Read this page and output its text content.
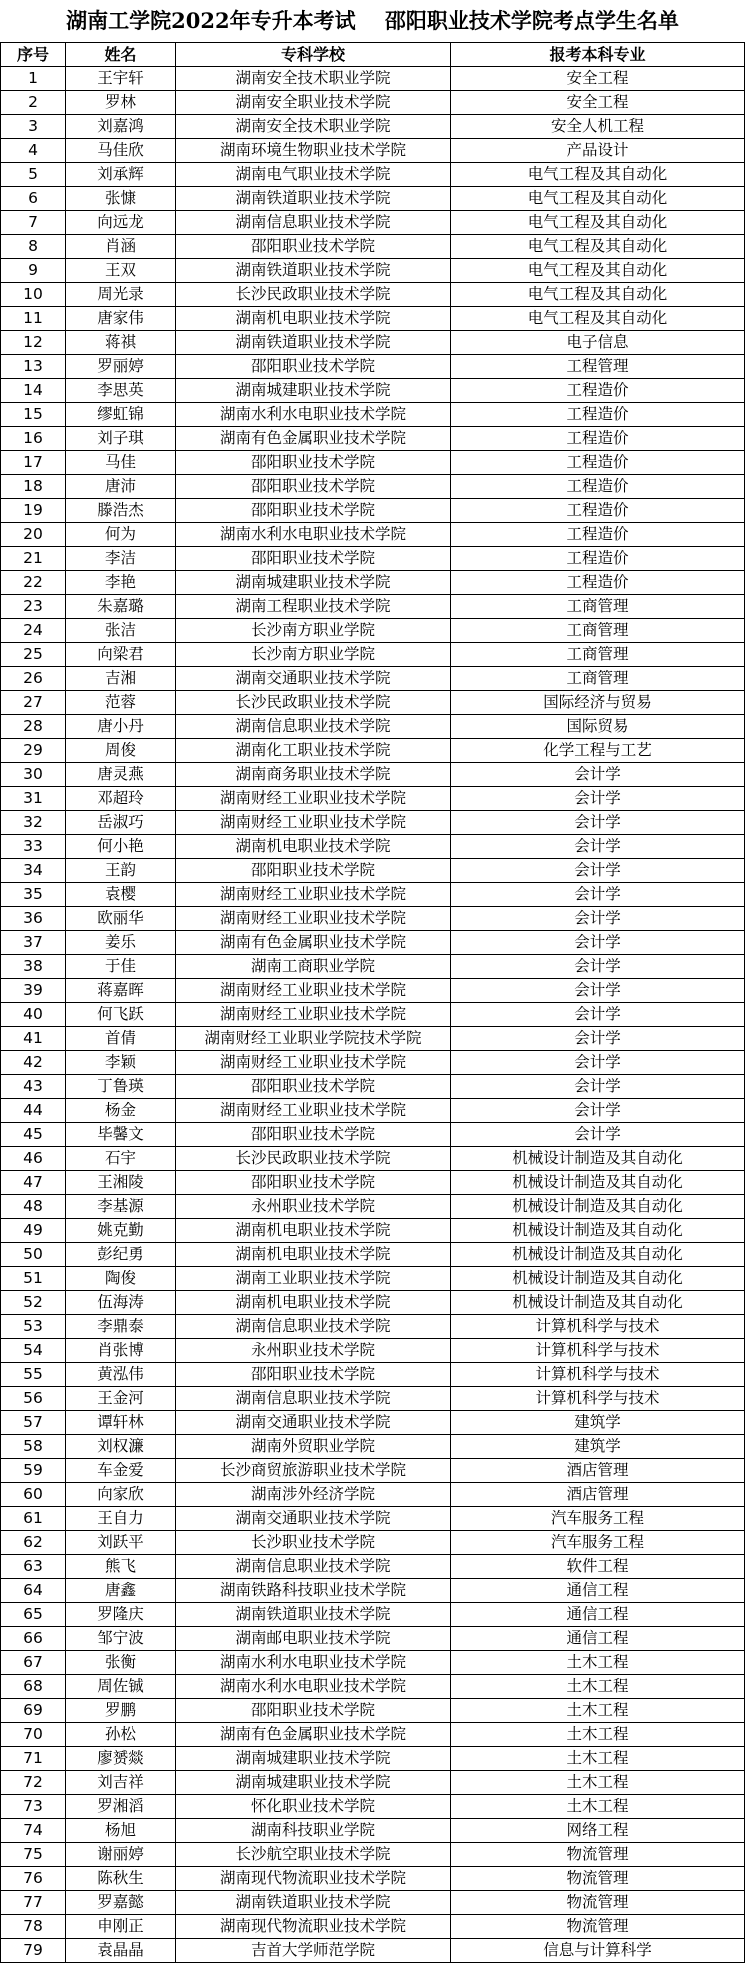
湖南工学院2022年专升本考试    邵阳职业技术学院考点学生名单
序号	姓名	专科学校	报考本科专业
1	王宇轩	湖南安全技术职业学院	安全工程
2	罗林	湖南安全职业技术学院	安全工程
3	刘嘉鸿	湖南安全技术职业学院	安全人机工程
4	马佳欣	湖南环境生物职业技术学院	产品设计
5	刘承辉	湖南电气职业技术学院	电气工程及其自动化
6	张慷	湖南铁道职业技术学院	电气工程及其自动化
7	向远龙	湖南信息职业技术学院	电气工程及其自动化
8	肖涵	邵阳职业技术学院	电气工程及其自动化
9	王双	湖南铁道职业技术学院	电气工程及其自动化
10	周光录	长沙民政职业技术学院	电气工程及其自动化
11	唐家伟	湖南机电职业技术学院	电气工程及其自动化
12	蒋祺	湖南铁道职业技术学院	电子信息
13	罗丽婷	邵阳职业技术学院	工程管理
14	李思英	湖南城建职业技术学院	工程造价
15	缪虹锦	湖南水利水电职业技术学院	工程造价
16	刘子琪	湖南有色金属职业技术学院	工程造价
17	马佳	邵阳职业技术学院	工程造价
18	唐沛	邵阳职业技术学院	工程造价
19	滕浩杰	邵阳职业技术学院	工程造价
20	何为	湖南水利水电职业技术学院	工程造价
21	李洁	邵阳职业技术学院	工程造价
22	李艳	湖南城建职业技术学院	工程造价
23	朱嘉璐	湖南工程职业技术学院	工商管理
24	张洁	长沙南方职业学院	工商管理
25	向梁君	长沙南方职业学院	工商管理
26	吉湘	湖南交通职业技术学院	工商管理
27	范蓉	长沙民政职业技术学院	国际经济与贸易
28	唐小丹	湖南信息职业技术学院	国际贸易
29	周俊	湖南化工职业技术学院	化学工程与工艺
30	唐灵燕	湖南商务职业技术学院	会计学
31	邓超玲	湖南财经工业职业技术学院	会计学
32	岳淑巧	湖南财经工业职业技术学院	会计学
33	何小艳	湖南机电职业技术学院	会计学
34	王韵	邵阳职业技术学院	会计学
35	袁樱	湖南财经工业职业技术学院	会计学
36	欧丽华	湖南财经工业职业技术学院	会计学
37	姜乐	湖南有色金属职业技术学院	会计学
38	于佳	湖南工商职业学院	会计学
39	蒋嘉晖	湖南财经工业职业技术学院	会计学
40	何飞跃	湖南财经工业职业技术学院	会计学
41	首倩	湖南财经工业职业学院技术学院	会计学
42	李颖	湖南财经工业职业技术学院	会计学
43	丁鲁瑛	邵阳职业技术学院	会计学
44	杨金	湖南财经工业职业技术学院	会计学
45	毕馨文	邵阳职业技术学院	会计学
46	石宇	长沙民政职业技术学院	机械设计制造及其自动化
47	王湘陵	邵阳职业技术学院	机械设计制造及其自动化
48	李基源	永州职业技术学院	机械设计制造及其自动化
49	姚克勤	湖南机电职业技术学院	机械设计制造及其自动化
50	彭纪勇	湖南机电职业技术学院	机械设计制造及其自动化
51	陶俊	湖南工业职业技术学院	机械设计制造及其自动化
52	伍海涛	湖南机电职业技术学院	机械设计制造及其自动化
53	李鼎泰	湖南信息职业技术学院	计算机科学与技术
54	肖张博	永州职业技术学院	计算机科学与技术
55	黄泓伟	邵阳职业技术学院	计算机科学与技术
56	王金河	湖南信息职业技术学院	计算机科学与技术
57	谭轩林	湖南交通职业技术学院	建筑学
58	刘权濂	湖南外贸职业学院	建筑学
59	车金爱	长沙商贸旅游职业技术学院	酒店管理
60	向家欣	湖南涉外经济学院	酒店管理
61	王自力	湖南交通职业技术学院	汽车服务工程
62	刘跃平	长沙职业技术学院	汽车服务工程
63	熊飞	湖南信息职业技术学院	软件工程
64	唐鑫	湖南铁路科技职业技术学院	通信工程
65	罗隆庆	湖南铁道职业技术学院	通信工程
66	邹宁波	湖南邮电职业技术学院	通信工程
67	张衡	湖南水利水电职业技术学院	土木工程
68	周佐铖	湖南水利水电职业技术学院	土木工程
69	罗鹏	邵阳职业技术学院	土木工程
70	孙松	湖南有色金属职业技术学院	土木工程
71	廖赟燚	湖南城建职业技术学院	土木工程
72	刘吉祥	湖南城建职业技术学院	土木工程
73	罗湘滔	怀化职业技术学院	土木工程
74	杨旭	湖南科技职业学院	网络工程
75	谢丽婷	长沙航空职业技术学院	物流管理
76	陈秋生	湖南现代物流职业技术学院	物流管理
77	罗嘉懿	湖南铁道职业技术学院	物流管理
78	申刚正	湖南现代物流职业技术学院	物流管理
79	袁晶晶	吉首大学师范学院	信息与计算科学
